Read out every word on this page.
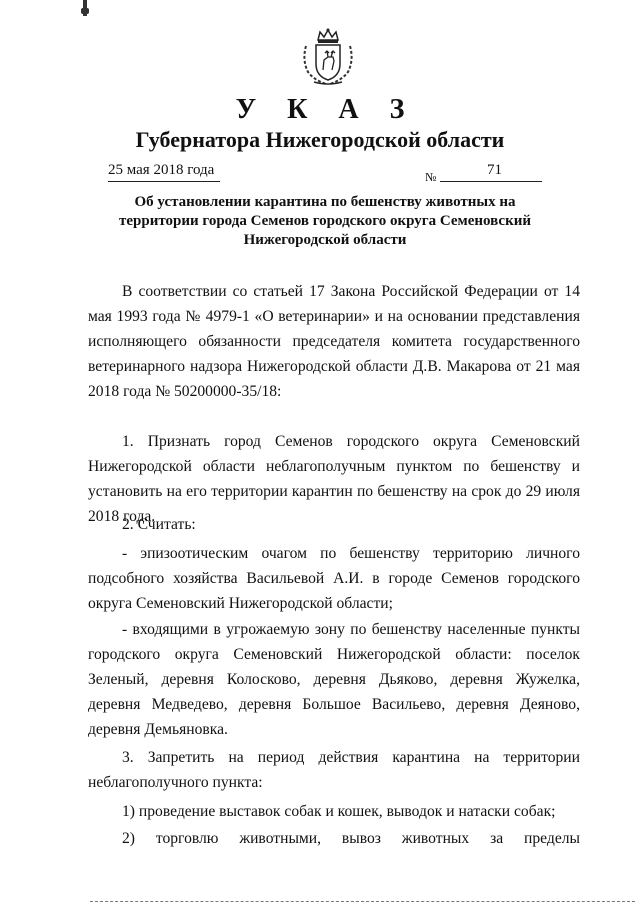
У К А З
Губернатора Нижегородской области
25 мая 2018 года	№	71
Об установлении карантина по бешенству животных на территории города Семенов городского округа Семеновский Нижегородской области
В соответствии со статьей 17 Закона Российской Федерации от 14 мая 1993 года № 4979-1 «О ветеринарии» и на основании представления исполняющего обязанности председателя комитета государственного ветеринарного надзора Нижегородской области Д.В. Макарова от 21 мая 2018 года № 50200000-35/18:
1. Признать город Семенов городского округа Семеновский Нижегородской области неблагополучным пунктом по бешенству и установить на его территории карантин по бешенству на срок до 29 июля 2018 года.
2. Считать:
- эпизоотическим очагом по бешенству территорию личного подсобного хозяйства Васильевой А.И. в городе Семенов городского округа Семеновский Нижегородской области;
- входящими в угрожаемую зону по бешенству населенные пункты городского округа Семеновский Нижегородской области: поселок Зеленый, деревня Колосково, деревня Дьяково, деревня Жужелка, деревня Медведево, деревня Большое Васильево, деревня Деяново, деревня Демьяновка.
3. Запретить на период действия карантина на территории неблагополучного пункта:
1) проведение выставок собак и кошек, выводок и натаски собак;
2) торговлю животными, вывоз животных за пределы
